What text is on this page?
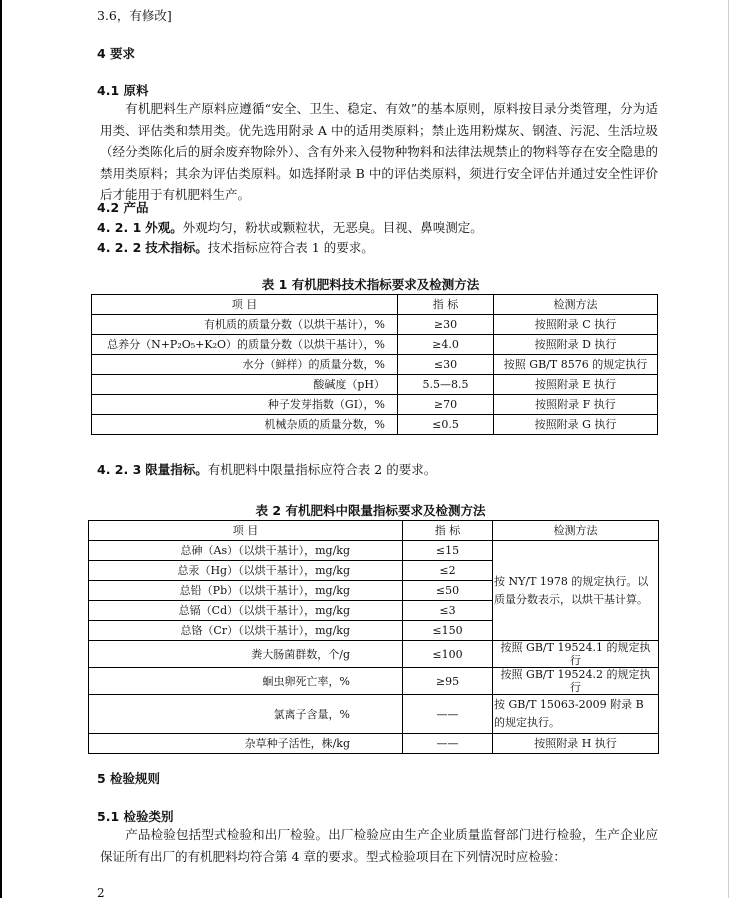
3.6，有修改]
4 要求
4.1 原料
有机肥料生产原料应遵循“安全、卫生、稳定、有效”的基本原则，原料按目录分类管理，分为适用类、评估类和禁用类。优先选用附录 A 中的适用类原料；禁止选用粉煤灰、钢渣、污泥、生活垃圾（经分类陈化后的厨余废弃物除外）、含有外来入侵物种物料和法律法规禁止的物料等存在安全隐患的禁用类原料；其余为评估类原料。如选择附录 B 中的评估类原料，须进行安全评估并通过安全性评价后才能用于有机肥料生产。
4.2 产品
4. 2. 1 外观。外观均匀，粉状或颗粒状，无恶臭。目视、鼻嗅测定。
4. 2. 2 技术指标。技术指标应符合表 1 的要求。
表 1 有机肥料技术指标要求及检测方法
项 目	指 标	检测方法
有机质的质量分数（以烘干基计），%	≥30	按照附录 C 执行
总养分（N+P₂O₅+K₂O）的质量分数（以烘干基计），%	≥4.0	按照附录 D 执行
水分（鲜样）的质量分数，%	≤30	按照 GB/T 8576 的规定执行
酸碱度（pH）	5.5—8.5	按照附录 E 执行
种子发芽指数（GI），%	≥70	按照附录 F 执行
机械杂质的质量分数，%	≤0.5	按照附录 G 执行
4. 2. 3 限量指标。有机肥料中限量指标应符合表 2 的要求。
表 2 有机肥料中限量指标要求及检测方法
项 目	指 标	检测方法
总砷（As）（以烘干基计），mg/kg	≤15	按 NY/T 1978 的规定执行。以质量分数表示，以烘干基计算。
总汞（Hg）（以烘干基计），mg/kg	≤2	
总铅（Pb）（以烘干基计），mg/kg	≤50	
总镉（Cd）（以烘干基计），mg/kg	≤3	
总铬（Cr）（以烘干基计），mg/kg	≤150	
粪大肠菌群数，个/g	≤100	按照 GB/T 19524.1 的规定执行
蛔虫卵死亡率，%	≥95	按照 GB/T 19524.2 的规定执行
氯离子含量，%	——	按 GB/T 15063-2009 附录 B 的规定执行。
杂草种子活性，株/kg	——	按照附录 H 执行
5 检验规则
5.1 检验类别
产品检验包括型式检验和出厂检验。出厂检验应由生产企业质量监督部门进行检验，生产企业应保证所有出厂的有机肥料均符合第 4 章的要求。型式检验项目在下列情况时应检验：
2
